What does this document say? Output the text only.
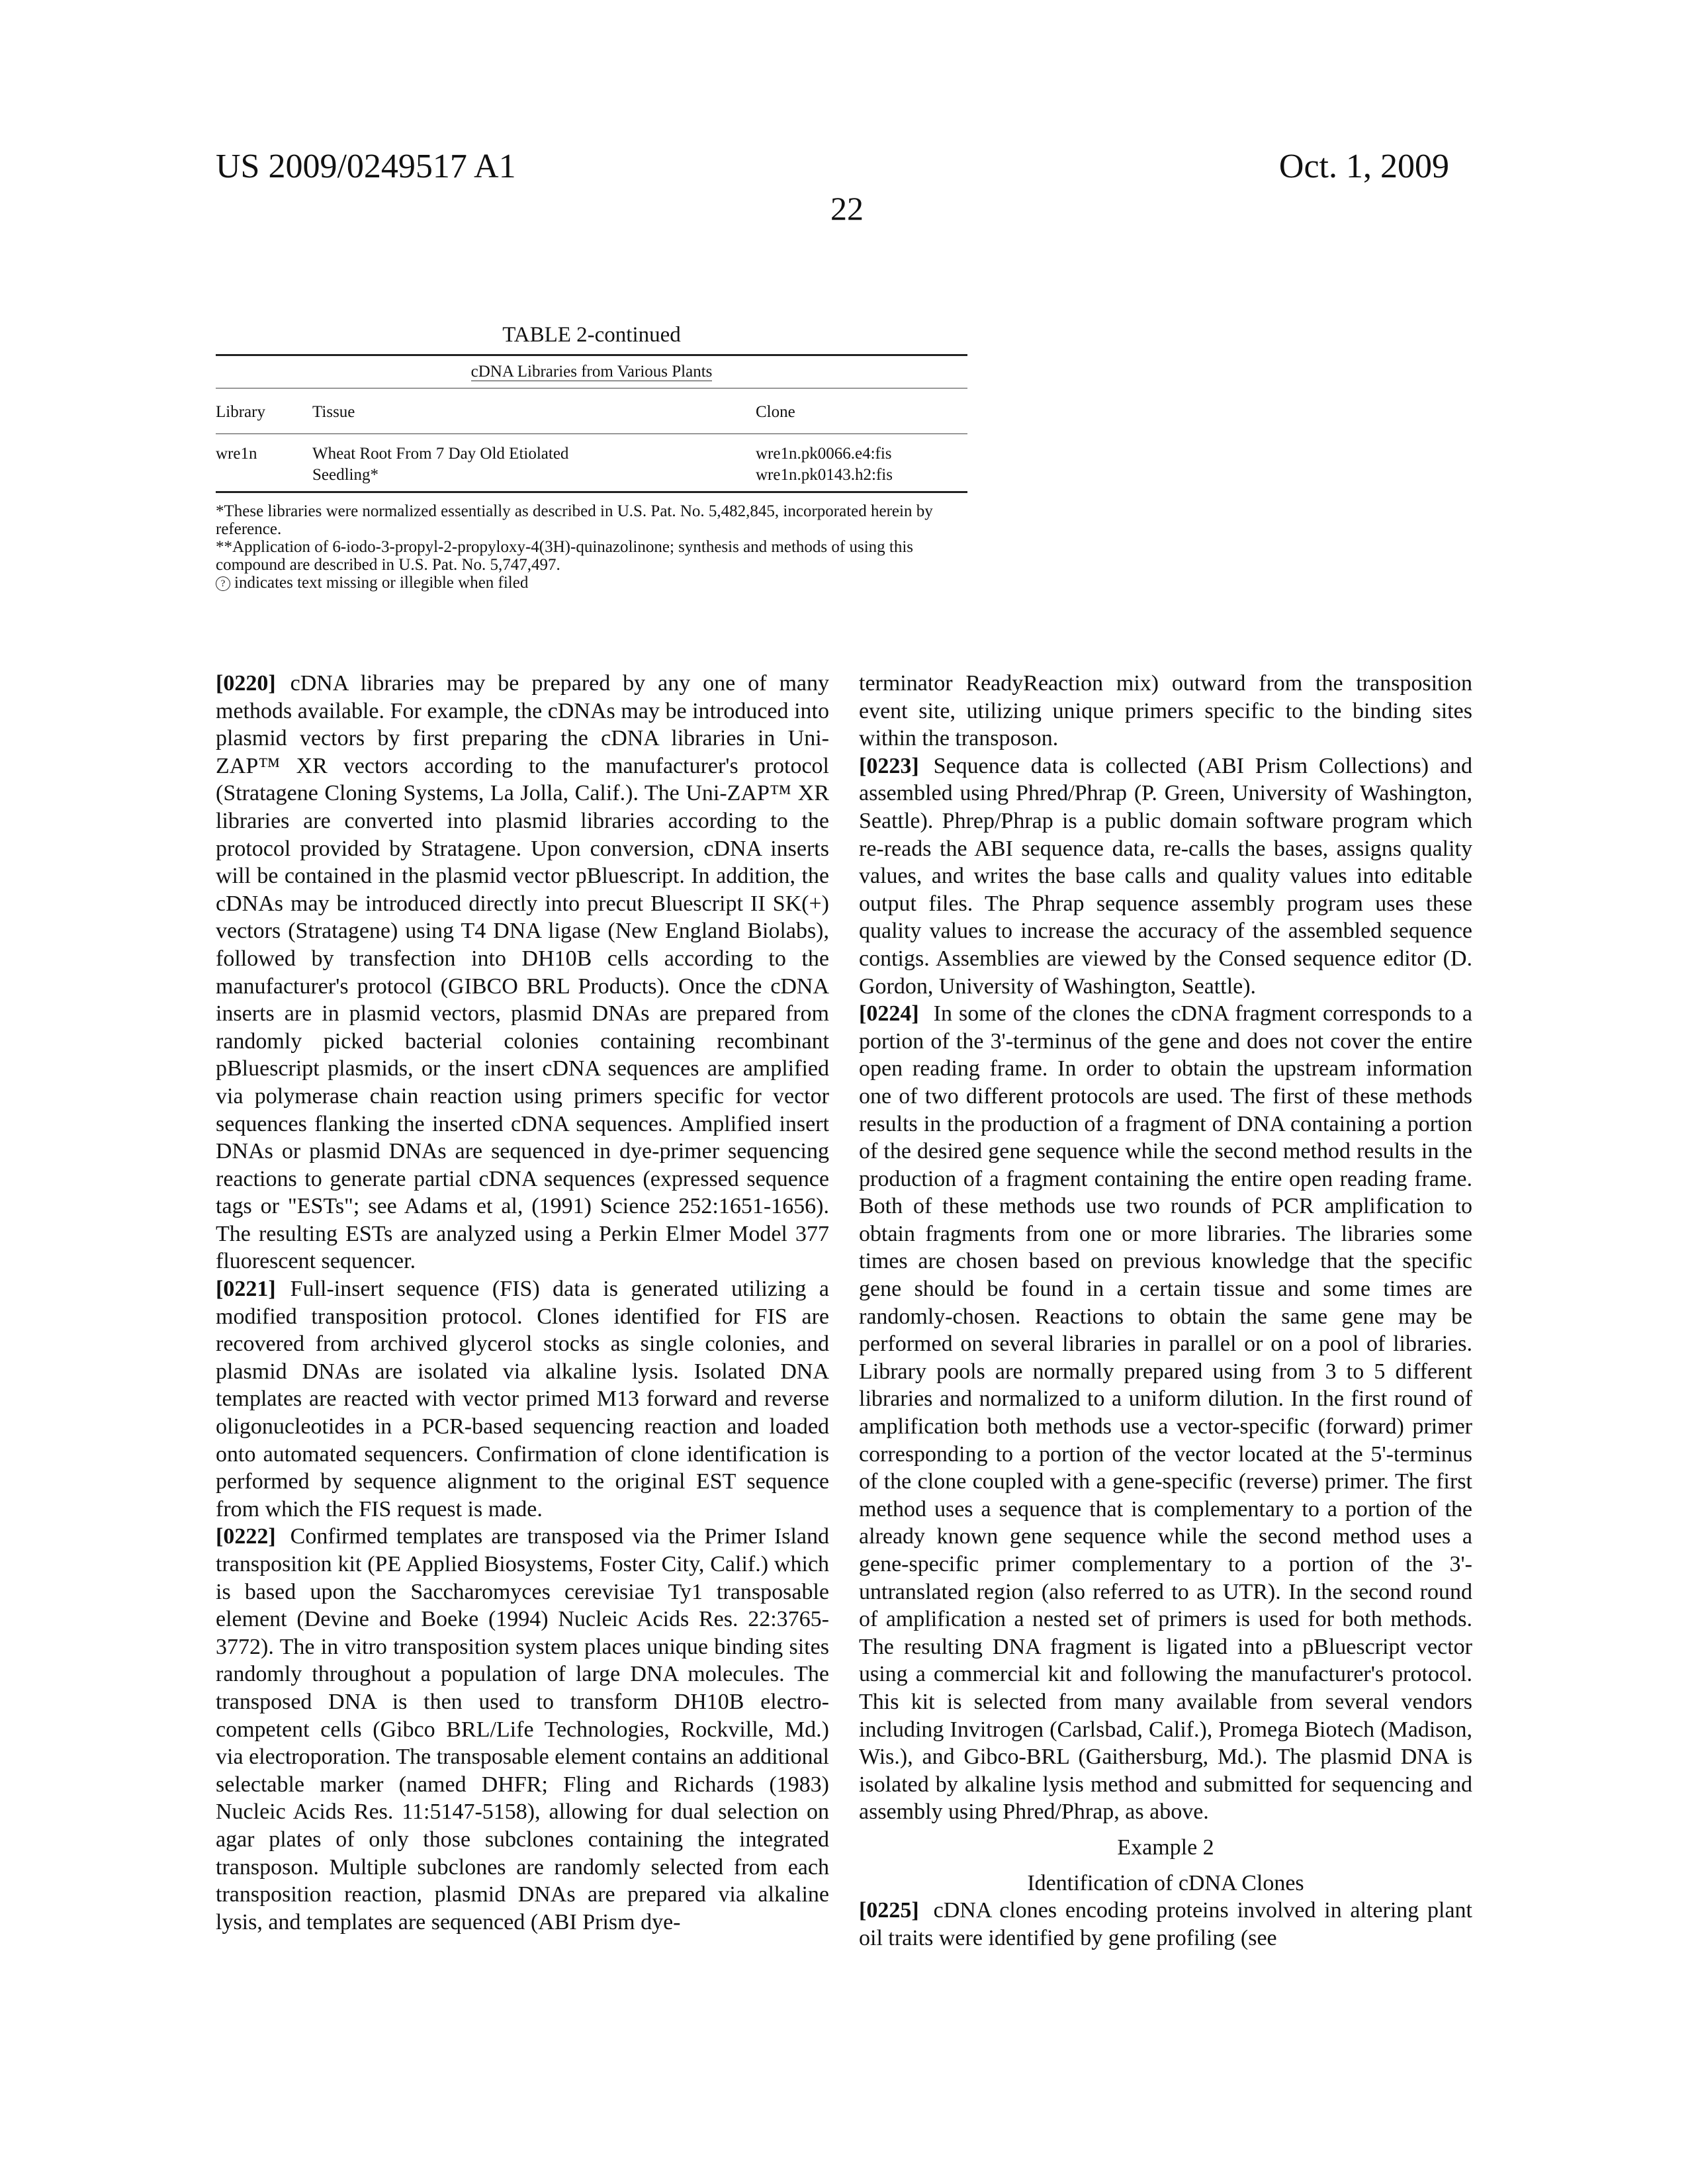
US 2009/0249517 A1	Oct. 1, 2009
22
TABLE 2-continued
cDNA Libraries from Various Plants
Library	Tissue	Clone
wre1n	Wheat Root From 7 Day Old Etiolated
Seedling*

wre1n.pk0066.e4:fis
wre1n.pk0143.h2:fis
*These libraries were normalized essentially as described in U.S. Pat. No. 5,482,845, incorporated herein by reference.
**Application of 6-iodo-3-propyl-2-propyloxy-4(3H)-quinazolinone; synthesis and methods of using this compound are described in U.S. Pat. No. 5,747,497.
? indicates text missing or illegible when filed

[0220] cDNA libraries may be prepared by any one of many methods available. For example, the cDNAs may be introduced into plasmid vectors by first preparing the cDNA libraries in Uni-ZAP™ XR vectors according to the manufacturer's protocol (Stratagene Cloning Systems, La Jolla, Calif.). The Uni-ZAP™ XR libraries are converted into plasmid libraries according to the protocol provided by Stratagene. Upon conversion, cDNA inserts will be contained in the plasmid vector pBluescript. In addition, the cDNAs may be introduced directly into precut Bluescript II SK(+) vectors (Stratagene) using T4 DNA ligase (New England Biolabs), followed by transfection into DH10B cells according to the manufacturer's protocol (GIBCO BRL Products). Once the cDNA inserts are in plasmid vectors, plasmid DNAs are prepared from randomly picked bacterial colonies containing recombinant pBluescript plasmids, or the insert cDNA sequences are amplified via polymerase chain reaction using primers specific for vector sequences flanking the inserted cDNA sequences. Amplified insert DNAs or plasmid DNAs are sequenced in dye-primer sequencing reactions to generate partial cDNA sequences (expressed sequence tags or "ESTs"; see Adams et al, (1991) Science 252:1651-1656). The resulting ESTs are analyzed using a Perkin Elmer Model 377 fluorescent sequencer.

[0221] Full-insert sequence (FIS) data is generated utilizing a modified transposition protocol. Clones identified for FIS are recovered from archived glycerol stocks as single colonies, and plasmid DNAs are isolated via alkaline lysis. Isolated DNA templates are reacted with vector primed M13 forward and reverse oligonucleotides in a PCR-based sequencing reaction and loaded onto automated sequencers. Confirmation of clone identification is performed by sequence alignment to the original EST sequence from which the FIS request is made.

[0222] Confirmed templates are transposed via the Primer Island transposition kit (PE Applied Biosystems, Foster City, Calif.) which is based upon the Saccharomyces cerevisiae Ty1 transposable element (Devine and Boeke (1994) Nucleic Acids Res. 22:3765-3772). The in vitro transposition system places unique binding sites randomly throughout a population of large DNA molecules. The transposed DNA is then used to transform DH10B electro-competent cells (Gibco BRL/Life Technologies, Rockville, Md.) via electroporation. The transposable element contains an additional selectable marker (named DHFR; Fling and Richards (1983) Nucleic Acids Res. 11:5147-5158), allowing for dual selection on agar plates of only those subclones containing the integrated transposon. Multiple subclones are randomly selected from each transposition reaction, plasmid DNAs are prepared via alkaline lysis, and templates are sequenced (ABI Prism dye-

terminator ReadyReaction mix) outward from the transposition event site, utilizing unique primers specific to the binding sites within the transposon.

[0223] Sequence data is collected (ABI Prism Collections) and assembled using Phred/Phrap (P. Green, University of Washington, Seattle). Phrep/Phrap is a public domain software program which re-reads the ABI sequence data, re-calls the bases, assigns quality values, and writes the base calls and quality values into editable output files. The Phrap sequence assembly program uses these quality values to increase the accuracy of the assembled sequence contigs. Assemblies are viewed by the Consed sequence editor (D. Gordon, University of Washington, Seattle).

[0224] In some of the clones the cDNA fragment corresponds to a portion of the 3'-terminus of the gene and does not cover the entire open reading frame. In order to obtain the upstream information one of two different protocols are used. The first of these methods results in the production of a fragment of DNA containing a portion of the desired gene sequence while the second method results in the production of a fragment containing the entire open reading frame. Both of these methods use two rounds of PCR amplification to obtain fragments from one or more libraries. The libraries some times are chosen based on previous knowledge that the specific gene should be found in a certain tissue and some times are randomly-chosen. Reactions to obtain the same gene may be performed on several libraries in parallel or on a pool of libraries. Library pools are normally prepared using from 3 to 5 different libraries and normalized to a uniform dilution. In the first round of amplification both methods use a vector-specific (forward) primer corresponding to a portion of the vector located at the 5'-terminus of the clone coupled with a gene-specific (reverse) primer. The first method uses a sequence that is complementary to a portion of the already known gene sequence while the second method uses a gene-specific primer complementary to a portion of the 3'-untranslated region (also referred to as UTR). In the second round of amplification a nested set of primers is used for both methods. The resulting DNA fragment is ligated into a pBluescript vector using a commercial kit and following the manufacturer's protocol. This kit is selected from many available from several vendors including Invitrogen (Carlsbad, Calif.), Promega Biotech (Madison, Wis.), and Gibco-BRL (Gaithersburg, Md.). The plasmid DNA is isolated by alkaline lysis method and submitted for sequencing and assembly using Phred/Phrap, as above.

Example 2

Identification of cDNA Clones

[0225] cDNA clones encoding proteins involved in altering plant oil traits were identified by gene profiling (see
